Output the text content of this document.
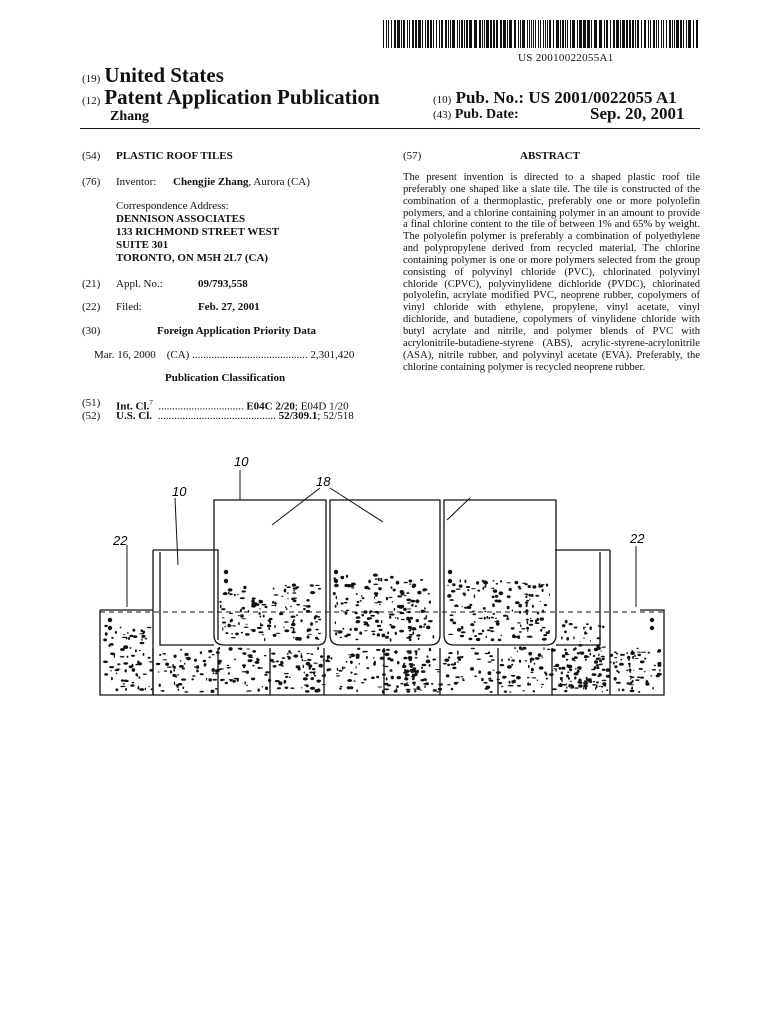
US 20010022055A1
(19) United States
(12) Patent Application Publication	(10) Pub. No.: US 2001/0022055 A1
Zhang	(43) Pub. Date:	Sep. 20, 2001
(54) PLASTIC ROOF TILES
(76) Inventor: Chengjie Zhang, Aurora (CA)
Correspondence Address:
DENNISON ASSOCIATES
133 RICHMOND STREET WEST
SUITE 301
TORONTO, ON M5H 2L7 (CA)
(21) Appl. No.:	09/793,558
(22) Filed:	Feb. 27, 2001
(30)	Foreign Application Priority Data
Mar. 16, 2000 (CA) .......................................... 2,301,420
Publication Classification
(51) Int. Cl.$^7$ ............................... E04C 2/20; E04D 1/20
(52) U.S. Cl. ........................................... 52/309.1; 52/518
(57)	ABSTRACT
The present invention is directed to a shaped plastic roof tile preferably one shaped like a slate tile. The tile is constructed of the combination of a thermoplastic, preferably one or more polyolefin polymers, and a chlorine containing polymer in an amount to provide a final chlorine content to the tile of between 1% and 65% by weight. The polyolefin polymer is preferably a combination of polyethylene and polypropylene derived from recycled material. The chlorine containing polymer is one or more polymers selected from the group consisting of polyvinyl chloride (PVC), chlorinated polyvinyl chloride (CPVC), polyvinylidene dichloride (PVDC), chlorinated polyolefin, acrylate modified PVC, neoprene rubber, copolymers of vinyl chloride with ethylene, propylene, vinyl acetate, vinyl dichloride, and butadiene, copolymers of vinylidene chloride with butyl acrylate and nitrile, and polymer blends of PVC with acrylonitrile-butadiene-styrene (ABS), acrylic-styrene-acrylonitrile (ASA), nitrile rubber, and polyvinyl acetate (EVA). Preferably, the chlorine containing polymer is recycled neoprene rubber.
10
10
18
22	22
